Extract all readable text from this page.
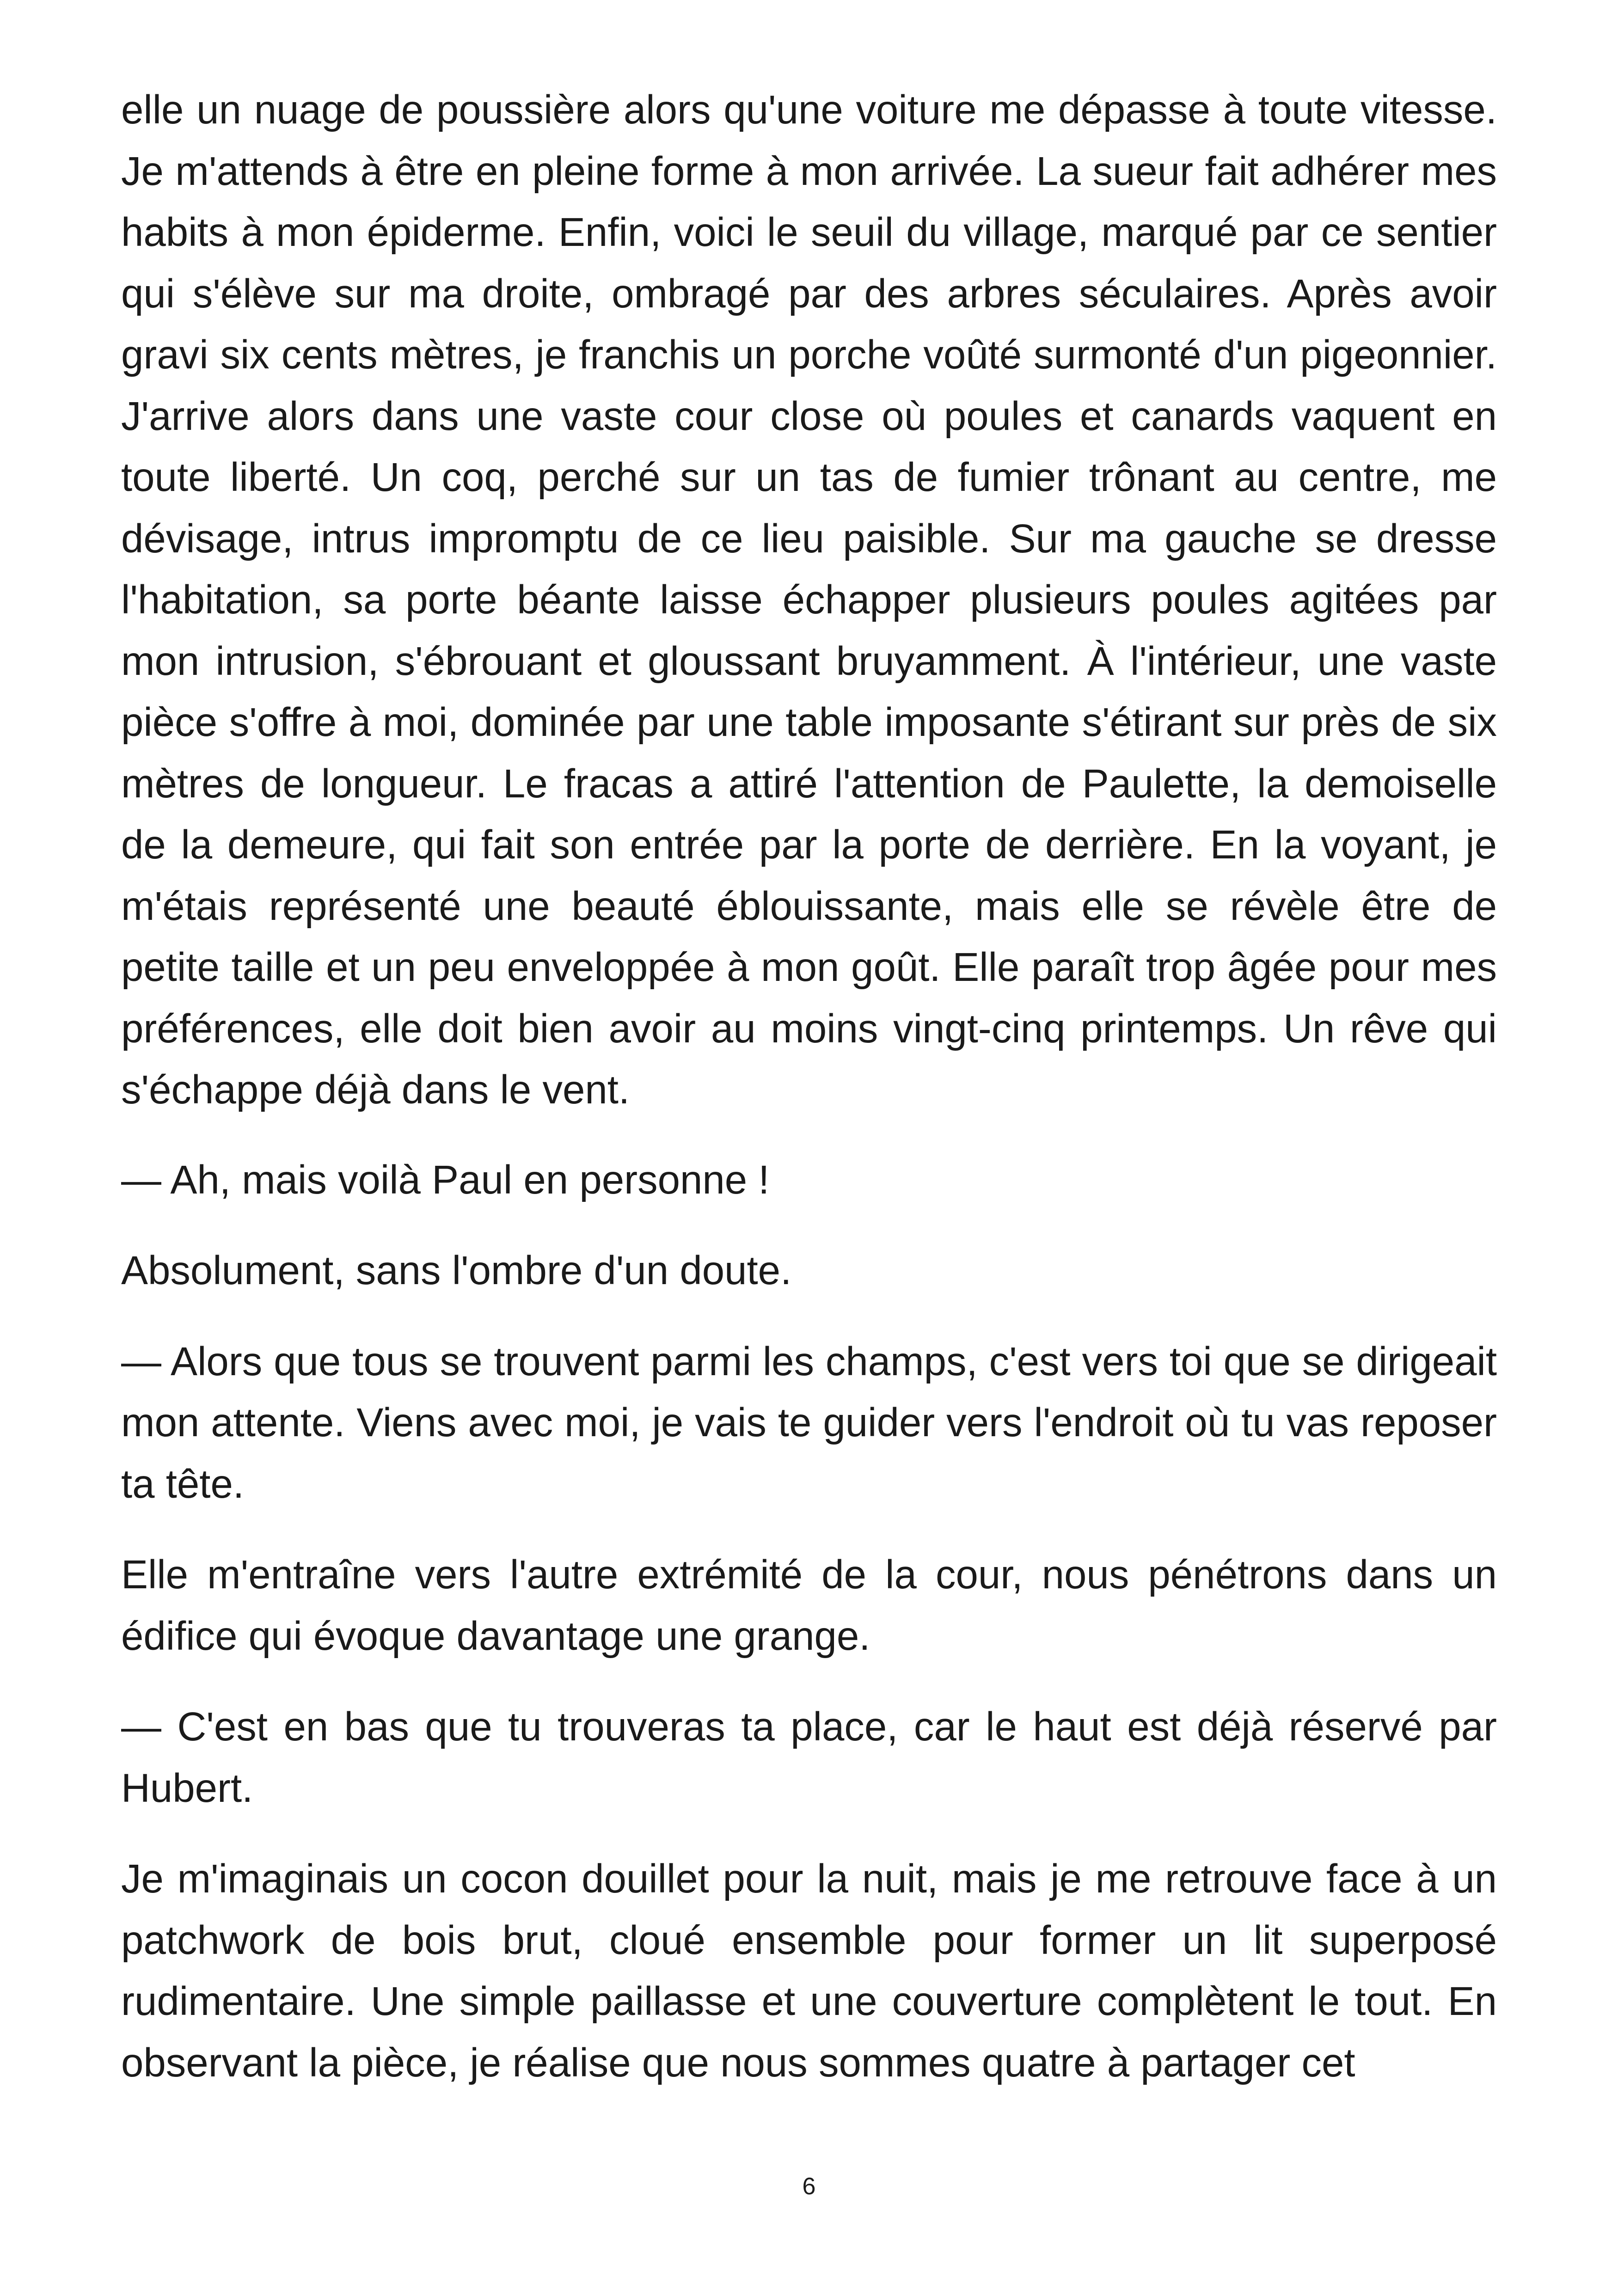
elle un nuage de poussière alors qu'une voiture me dépasse à toute vitesse. Je m'attends à être en pleine forme à mon arrivée. La sueur fait adhérer mes habits à mon épiderme. Enfin, voici le seuil du village, marqué par ce sentier qui s'élève sur ma droite, ombragé par des arbres séculaires. Après avoir gravi six cents mètres, je franchis un porche voûté surmonté d'un pigeonnier. J'arrive alors dans une vaste cour close où poules et canards vaquent en toute liberté. Un coq, perché sur un tas de fumier trônant au centre, me dévisage, intrus impromptu de ce lieu paisible. Sur ma gauche se dresse l'habitation, sa porte béante laisse échapper plusieurs poules agitées par mon intrusion, s'ébrouant et gloussant bruyamment. À l'intérieur, une vaste pièce s'offre à moi, dominée par une table imposante s'étirant sur près de six mètres de longueur. Le fracas a attiré l'attention de Paulette, la demoiselle de la demeure, qui fait son entrée par la porte de derrière. En la voyant, je m'étais représenté une beauté éblouissante, mais elle se révèle être de petite taille et un peu enveloppée à mon goût. Elle paraît trop âgée pour mes préférences, elle doit bien avoir au moins vingt-cinq printemps. Un rêve qui s'échappe déjà dans le vent.

— Ah, mais voilà Paul en personne !

Absolument, sans l'ombre d'un doute.

— Alors que tous se trouvent parmi les champs, c'est vers toi que se dirigeait mon attente. Viens avec moi, je vais te guider vers l'endroit où tu vas reposer ta tête.

Elle m'entraîne vers l'autre extrémité de la cour, nous pénétrons dans un édifice qui évoque davantage une grange.

— C'est en bas que tu trouveras ta place, car le haut est déjà réservé par Hubert.

Je m'imaginais un cocon douillet pour la nuit, mais je me retrouve face à un patchwork de bois brut, cloué ensemble pour former un lit superposé rudimentaire. Une simple paillasse et une couverture complètent le tout. En observant la pièce, je réalise que nous sommes quatre à partager cet

6
